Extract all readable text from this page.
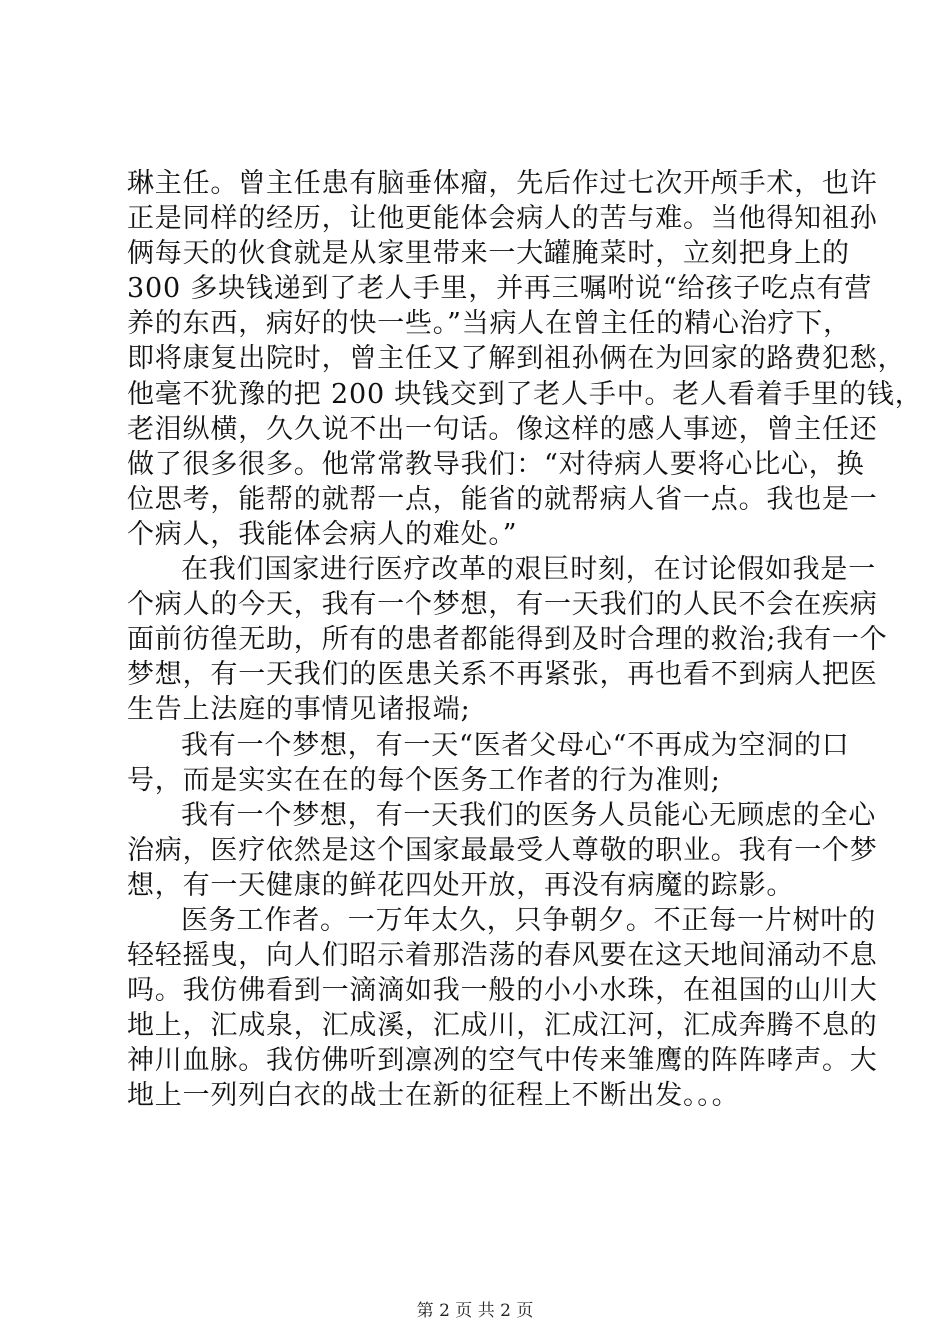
琳主任。曾主任患有脑垂体瘤，先后作过七次开颅手术，也许
正是同样的经历，让他更能体会病人的苦与难。当他得知祖孙
俩每天的伙食就是从家里带来一大罐腌菜时，立刻把身上的
300 多块钱递到了老人手里，并再三嘱咐说“给孩子吃点有营
养的东西，病好的快一些。”当病人在曾主任的精心治疗下，
即将康复出院时，曾主任又了解到祖孙俩在为回家的路费犯愁，
他毫不犹豫的把 200 块钱交到了老人手中。老人看着手里的钱，
老泪纵横，久久说不出一句话。像这样的感人事迹，曾主任还
做了很多很多。他常常教导我们：“对待病人要将心比心，换
位思考，能帮的就帮一点，能省的就帮病人省一点。我也是一
个病人，我能体会病人的难处。”
在我们国家进行医疗改革的艰巨时刻，在讨论假如我是一
个病人的今天，我有一个梦想，有一天我们的人民不会在疾病
面前彷徨无助，所有的患者都能得到及时合理的救治;我有一个
梦想，有一天我们的医患关系不再紧张，再也看不到病人把医
生告上法庭的事情见诸报端;
我有一个梦想，有一天“医者父母心“不再成为空洞的口
号，而是实实在在的每个医务工作者的行为准则;
我有一个梦想，有一天我们的医务人员能心无顾虑的全心
治病，医疗依然是这个国家最最受人尊敬的职业。我有一个梦
想，有一天健康的鲜花四处开放，再没有病魔的踪影。
医务工作者。一万年太久，只争朝夕。不正每一片树叶的
轻轻摇曳，向人们昭示着那浩荡的春风要在这天地间涌动不息
吗。我仿佛看到一滴滴如我一般的小小水珠，在祖国的山川大
地上，汇成泉，汇成溪，汇成川，汇成江河，汇成奔腾不息的
神川血脉。我仿佛听到凛冽的空气中传来雏鹰的阵阵哮声。大
地上一列列白衣的战士在新的征程上不断出发。。。
第 2 页 共 2 页
